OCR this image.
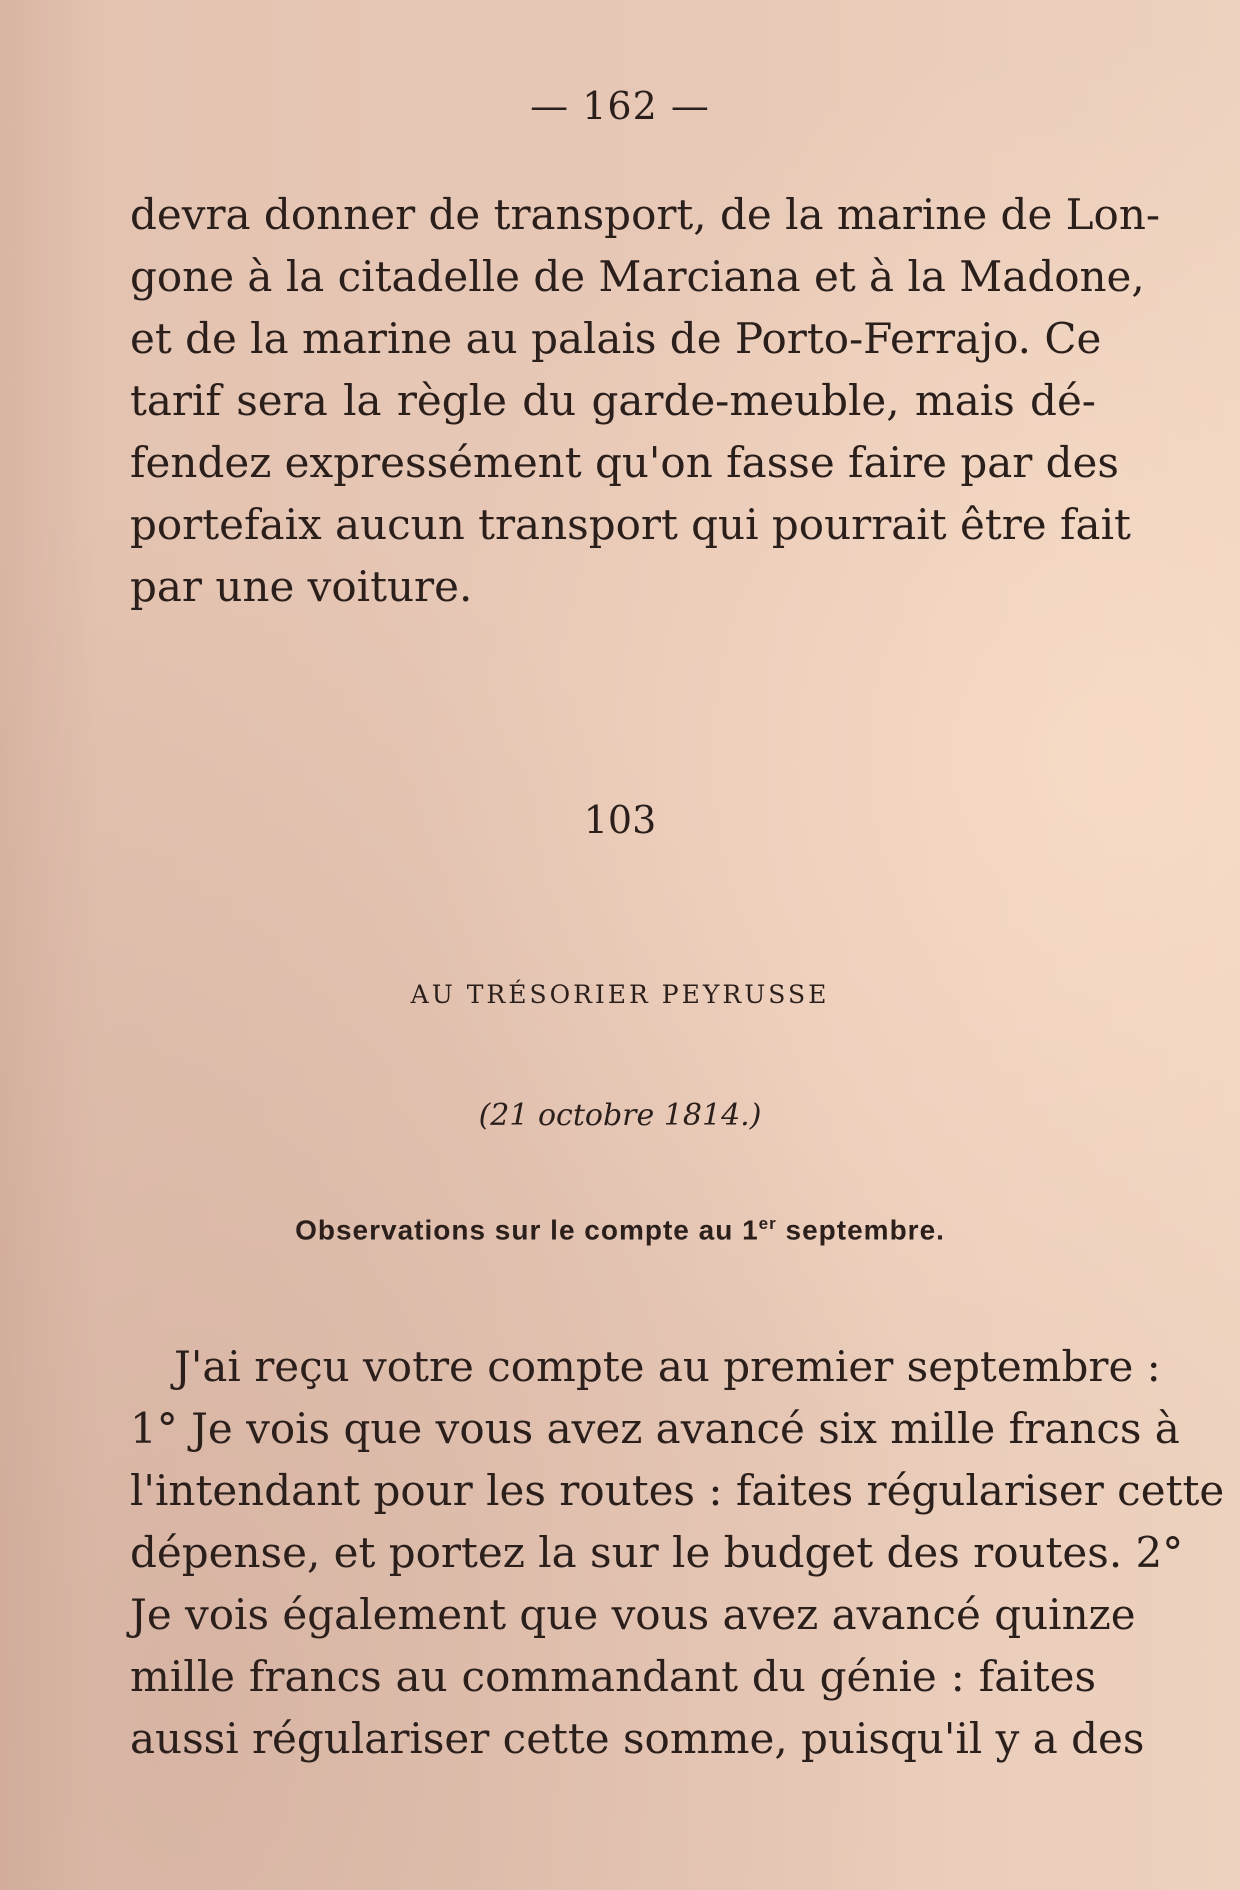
— 162 —
devra donner de transport, de la marine de Lon-
gone à la citadelle de Marciana et à la Madone,
et de la marine au palais de Porto-Ferrajo. Ce
tarif sera la règle du garde-meuble, mais dé-
fendez expressément qu'on fasse faire par des
portefaix aucun transport qui pourrait être fait
par une voiture.
103
AU TRÉSORIER PEYRUSSE
(21 octobre 1814.)
Observations sur le compte au 1er septembre.
J'ai reçu votre compte au premier septembre :
1° Je vois que vous avez avancé six mille francs à
l'intendant pour les routes : faites régulariser cette
dépense, et portez la sur le budget des routes. 2°
Je vois également que vous avez avancé quinze
mille francs au commandant du génie : faites
aussi régulariser cette somme, puisqu'il y a des
